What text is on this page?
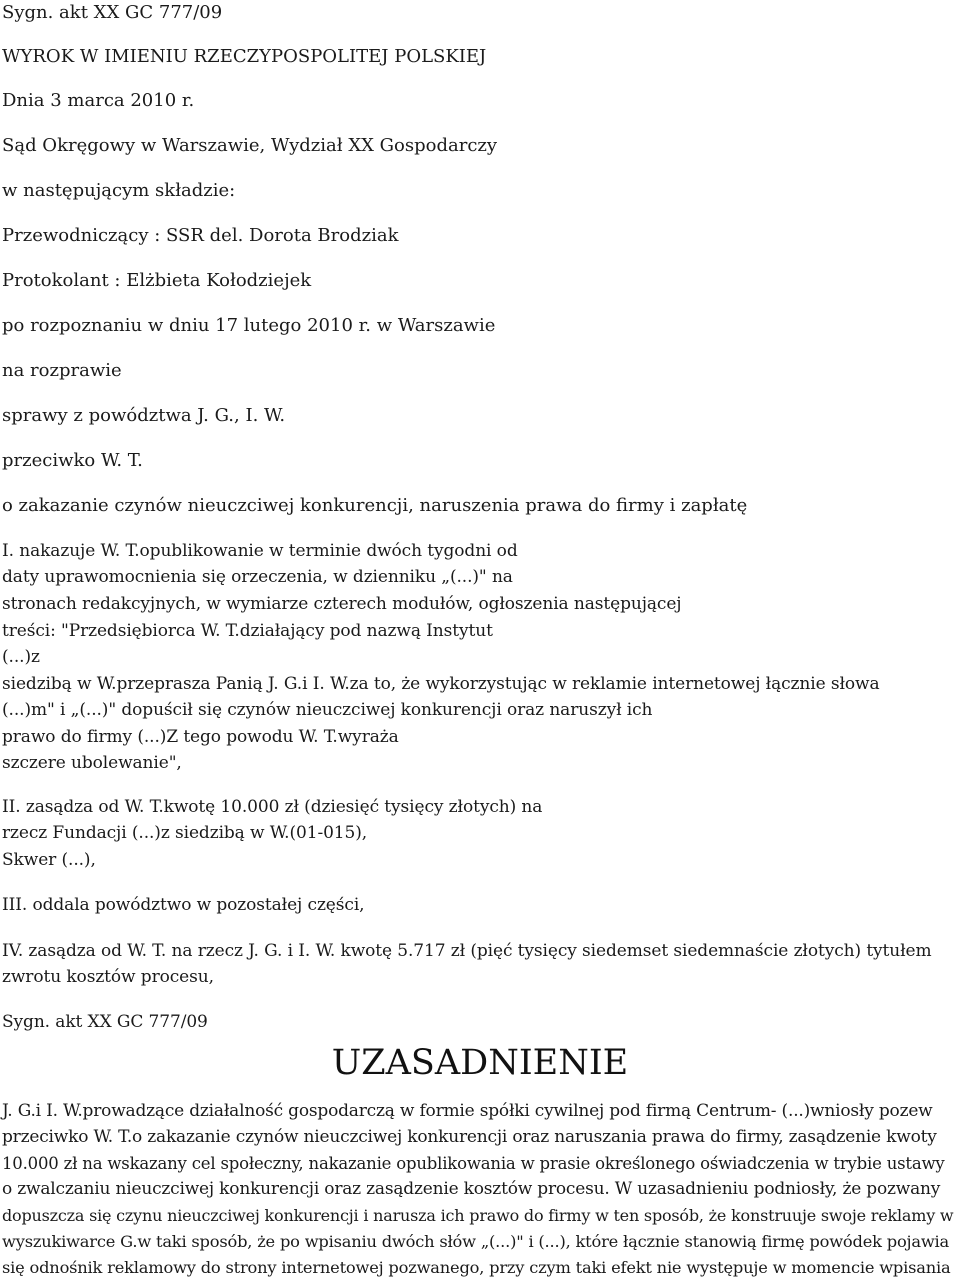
Sygn. akt XX GC 777/09

WYROK W IMIENIU RZECZYPOSPOLITEJ POLSKIEJ

Dnia 3 marca 2010 r.

Sąd Okręgowy w Warszawie, Wydział XX Gospodarczy

w następującym składzie:

Przewodniczący : SSR del. Dorota Brodziak

Protokolant : Elżbieta Kołodziejek

po rozpoznaniu w dniu 17 lutego 2010 r. w Warszawie

na rozprawie

sprawy z powództwa J. G., I. W.

przeciwko W. T.

o zakazanie czynów nieuczciwej konkurencji, naruszenia prawa do firmy i zapłatę

I. nakazuje W. T.opublikowanie w terminie dwóch tygodni od

daty uprawomocnienia się orzeczenia, w dzienniku „(...)" na

stronach redakcyjnych, w wymiarze czterech modułów, ogłoszenia następującej

treści: "Przedsiębiorca W. T.działający pod nazwą Instytut

(...)z

siedzibą w W.przeprasza Panią J. G.i I. W.za to, że wykorzystując w reklamie internetowej łącznie słowa

(...)m" i „(...)" dopuścił się czynów nieuczciwej konkurencji oraz naruszył ich

prawo do firmy (...)Z tego powodu W. T.wyraża

szczere ubolewanie",

II. zasądza od W. T.kwotę 10.000 zł (dziesięć tysięcy złotych) na

rzecz Fundacji (...)z siedzibą w W.(01-015),

Skwer (...),

III. oddala powództwo w pozostałej części,

IV. zasądza od W. T. na rzecz J. G. i I. W. kwotę 5.717 zł (pięć tysięcy siedemset siedemnaście złotych) tytułem

zwrotu kosztów procesu,

Sygn. akt XX GC 777/09

UZASADNIENIE

J. G.i I. W.prowadzące działalność gospodarczą w formie spółki cywilnej pod firmą Centrum- (...)wniosły pozew

przeciwko W. T.o zakazanie czynów nieuczciwej konkurencji oraz naruszania prawa do firmy, zasądzenie kwoty

10.000 zł na wskazany cel społeczny, nakazanie opublikowania w prasie określonego oświadczenia w trybie ustawy

o zwalczaniu nieuczciwej konkurencji oraz zasądzenie kosztów procesu. W uzasadnieniu podniosły, że pozwany

dopuszcza się czynu nieuczciwej konkurencji i narusza ich prawo do firmy w ten sposób, że konstruuje swoje reklamy w

wyszukiwarce G.w taki sposób, że po wpisaniu dwóch słów „(...)" i (...), które łącznie stanowią firmę powódek pojawia

się odnośnik reklamowy do strony internetowej pozwanego, przy czym taki efekt nie występuje w momencie wpisania
